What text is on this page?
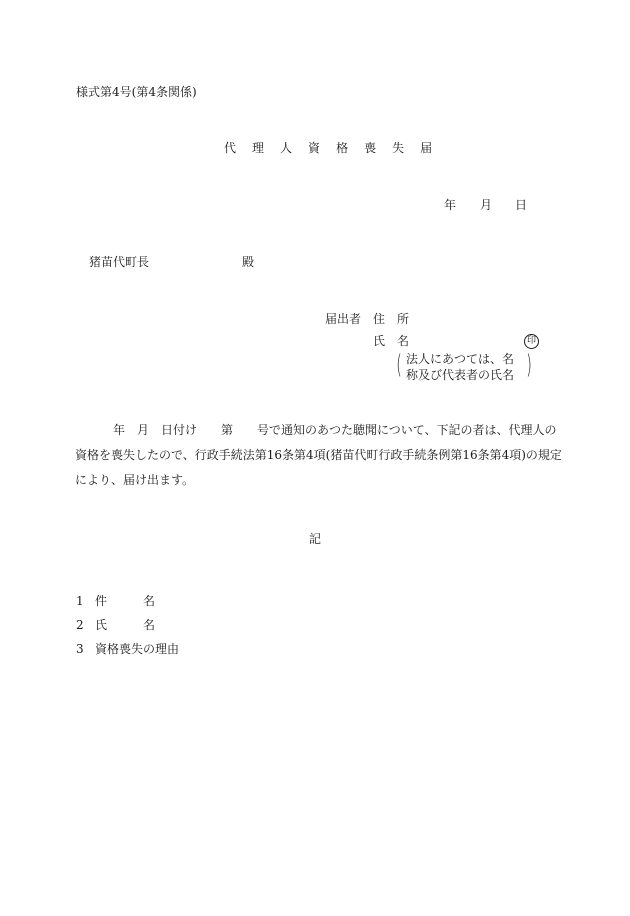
様式第4号(第4条関係)
代 理 人 資 格 喪 失 届
年 月 日
猪苗代町長	殿
届出者 住　所
氏　名	印
( 法人にあつては、名
称及び代表者の氏名 )
年　月　日付け　　第　　号で通知のあつた聴聞について、下記の者は、代理人の
資格を喪失したので、行政手続法第16条第4項(猪苗代町行政手続条例第16条第4項)の規定
により、届け出ます。
記
1 件　　　名
2 氏　　　名
3 資格喪失の理由
